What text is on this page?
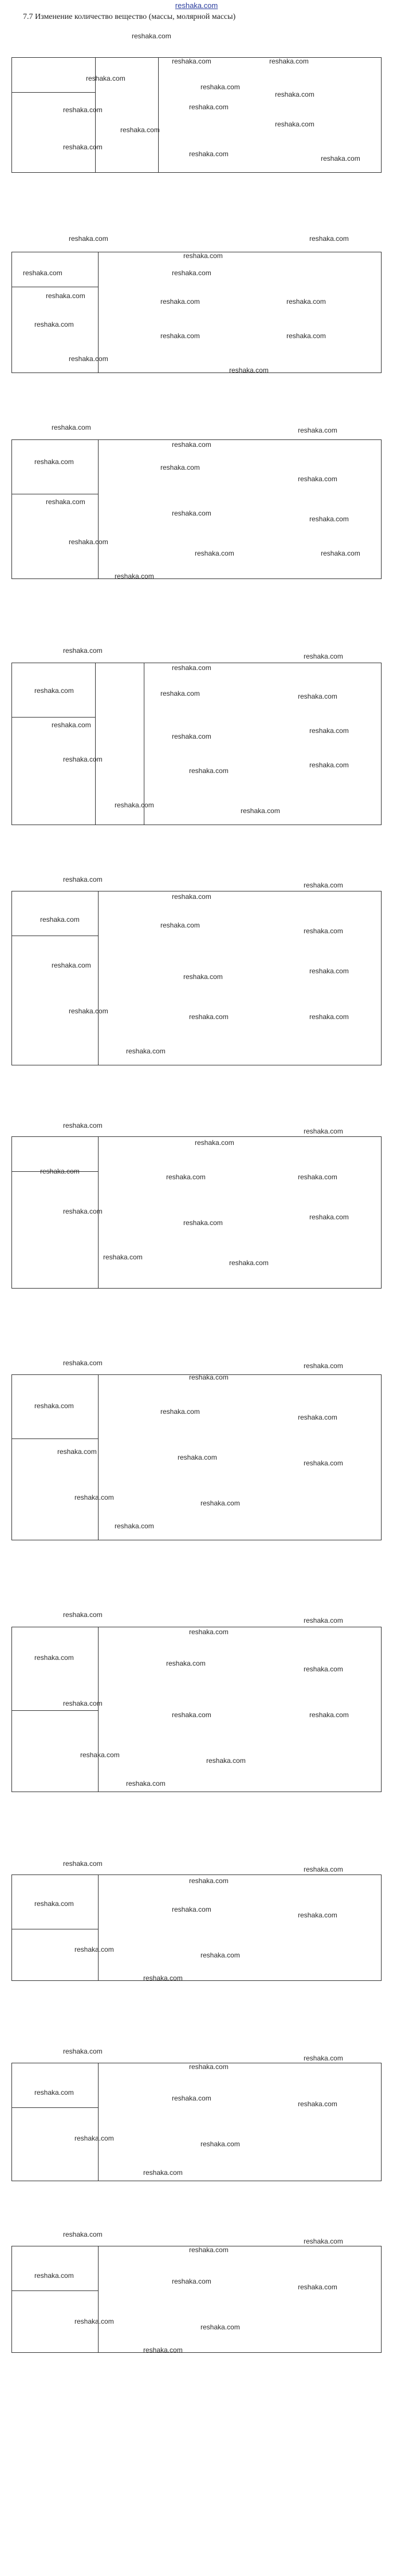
reshaka.com
7.7 Изменение количество вещество (массы, молярной массы)
reshaka.com
reshaka.com	reshaka.com
reshaka.com
reshaka.com
reshaka.com
reshaka.com	reshaka.com
reshaka.com
reshaka.com
reshaka.com
reshaka.com
reshaka.com
reshaka.com
reshaka.com
reshaka.com
reshaka.com	reshaka.com
reshaka.com
reshaka.com	reshaka.com
reshaka.com
reshaka.com	reshaka.com
reshaka.com
reshaka.com
reshaka.com
reshaka.com
reshaka.com
reshaka.com
reshaka.com
reshaka.com
reshaka.com
reshaka.com
reshaka.com
reshaka.com
reshaka.com	reshaka.com
reshaka.com
reshaka.com
reshaka.com
reshaka.com
reshaka.com	reshaka.com	reshaka.com
reshaka.com
reshaka.com
reshaka.com
reshaka.com
reshaka.com
reshaka.com
reshaka.com
reshaka.com
reshaka.com
reshaka.com
reshaka.com
reshaka.com
reshaka.com
reshaka.com
reshaka.com
reshaka.com
reshaka.com
reshaka.com
reshaka.com	reshaka.com
reshaka.com
reshaka.com
reshaka.com
reshaka.com
reshaka.com
reshaka.com	reshaka.com
reshaka.com
reshaka.com
reshaka.com
reshaka.com
reshaka.com
reshaka.com
reshaka.com
reshaka.com
reshaka.com
reshaka.com
reshaka.com
reshaka.com
reshaka.com
reshaka.com
reshaka.com
reshaka.com
reshaka.com
reshaka.com
reshaka.com
reshaka.com
reshaka.com
reshaka.com
reshaka.com
reshaka.com
reshaka.com	reshaka.com
reshaka.com
reshaka.com
reshaka.com
reshaka.com
reshaka.com
reshaka.com
reshaka.com
reshaka.com
reshaka.com
reshaka.com
reshaka.com
reshaka.com
reshaka.com
reshaka.com
reshaka.com
reshaka.com
reshaka.com
reshaka.com
reshaka.com
reshaka.com
reshaka.com
reshaka.com
reshaka.com
reshaka.com
reshaka.com
reshaka.com
reshaka.com
reshaka.com
reshaka.com
reshaka.com
